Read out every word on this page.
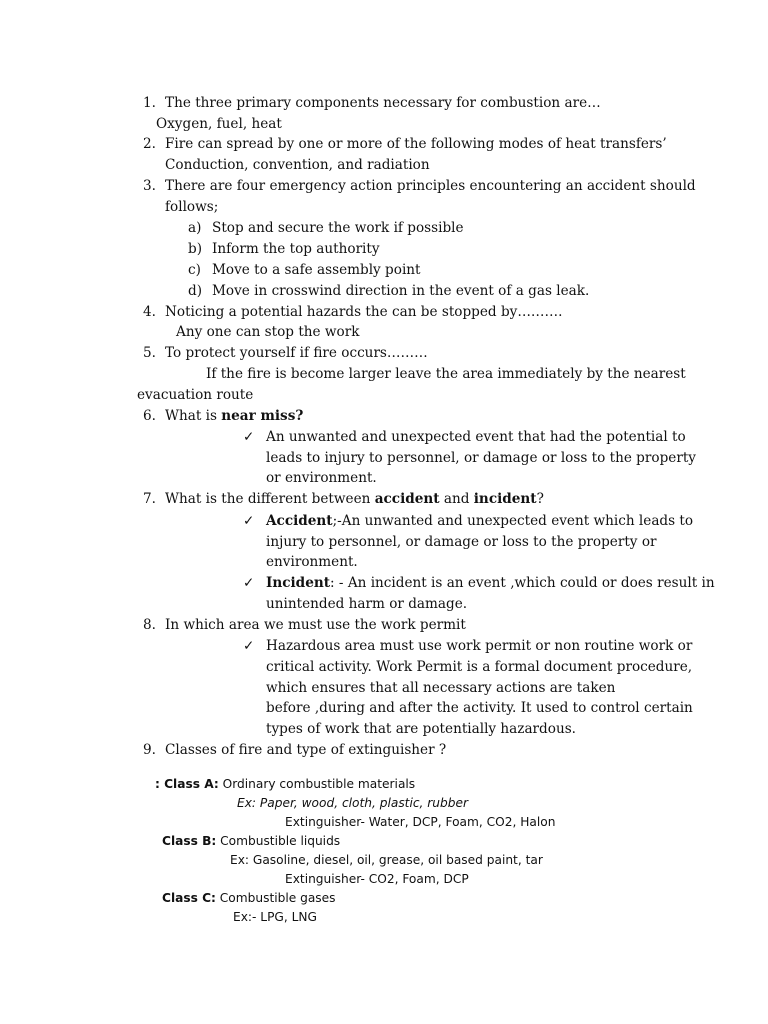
1. The three primary components necessary for combustion are…
Oxygen, fuel, heat
2. Fire can spread by one or more of the following modes of heat transfers’
Conduction, convention, and radiation
3. There are four emergency action principles encountering an accident should
follows;
a) Stop and secure the work if possible
b) Inform the top authority
c) Move to a safe assembly point
d) Move in crosswind direction in the event of a gas leak.
4. Noticing a potential hazards the can be stopped by……….
Any one can stop the work
5. To protect yourself if fire occurs………
If the fire is become larger leave the area immediately by the nearest
evacuation route
6. What is near miss?
✓ An unwanted and unexpected event that had the potential to
leads to injury to personnel, or damage or loss to the property
or environment.
7. What is the different between accident and incident?
✓ Accident;-An unwanted and unexpected event which leads to
injury to personnel, or damage or loss to the property or
environment.
✓ Incident: - An incident is an event ,which could or does result in
unintended harm or damage.
8. In which area we must use the work permit
✓ Hazardous area must use work permit or non routine work or
critical activity. Work Permit is a formal document procedure,
which ensures that all necessary actions are taken
before ,during and after the activity. It used to control certain
types of work that are potentially hazardous.
9. Classes of fire and type of extinguisher ?
: Class A: Ordinary combustible materials
Ex: Paper, wood, cloth, plastic, rubber
Extinguisher- Water, DCP, Foam, CO2, Halon
Class B: Combustible liquids
Ex: Gasoline, diesel, oil, grease, oil based paint, tar
Extinguisher- CO2, Foam, DCP
Class C: Combustible gases
Ex:- LPG, LNG
